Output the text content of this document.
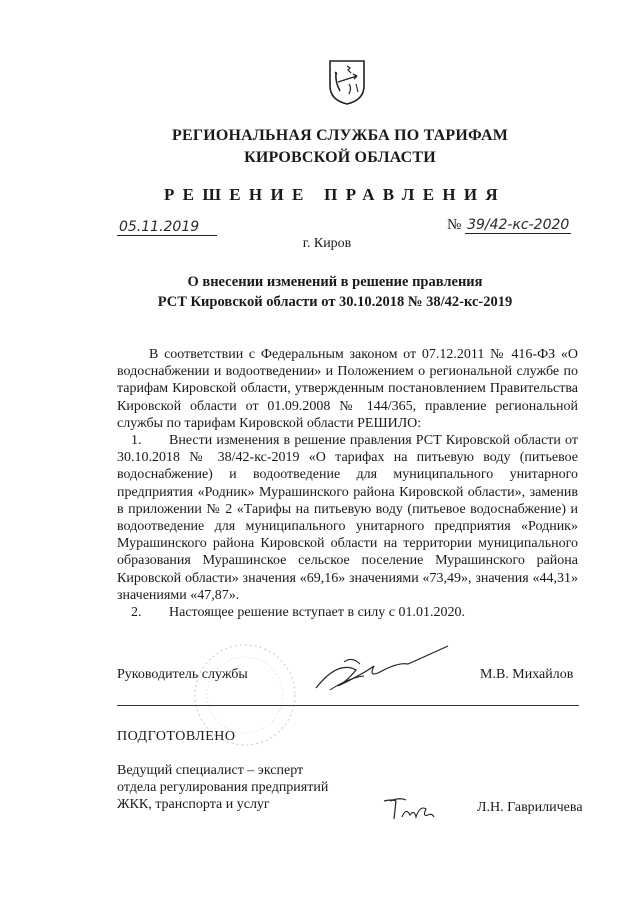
РЕГИОНАЛЬНАЯ СЛУЖБА ПО ТАРИФАМ
КИРОВСКОЙ ОБЛАСТИ
РЕШЕНИЕ ПРАВЛЕНИЯ
05.11.2019	№ 39/42-кс-2020
г. Киров
О внесении изменений в решение правления
РСТ Кировской области от 30.10.2018 № 38/42-кс-2019

В соответствии с Федеральным законом от 07.12.2011 № 416-ФЗ «О водоснабжении и водоотведении» и Положением о региональной службе по тарифам Кировской области, утвержденным постановлением Правительства Кировской области от 01.09.2008 № 144/365, правление региональной службы по тарифам Кировской области РЕШИЛО:

1. Внести изменения в решение правления РСТ Кировской области от 30.10.2018 № 38/42-кс-2019 «О тарифах на питьевую воду (питьевое водоснабжение) и водоотведение для муниципального унитарного предприятия «Родник» Мурашинского района Кировской области», заменив в приложении № 2 «Тарифы на питьевую воду (питьевое водоснабжение) и водоотведение для муниципального унитарного предприятия «Родник» Мурашинского района Кировской области на территории муниципального образования Мурашинское сельское поселение Мурашинского района Кировской области» значения «69,16» значениями «73,49», значения «44,31» значениями «47,87».

2. Настоящее решение вступает в силу с 01.01.2020.

Руководитель службы	М.В. Михайлов
ПОДГОТОВЛЕНО
Ведущий специалист – эксперт
отдела регулирования предприятий
ЖКК, транспорта и услуг	Л.Н. Гавриличева
